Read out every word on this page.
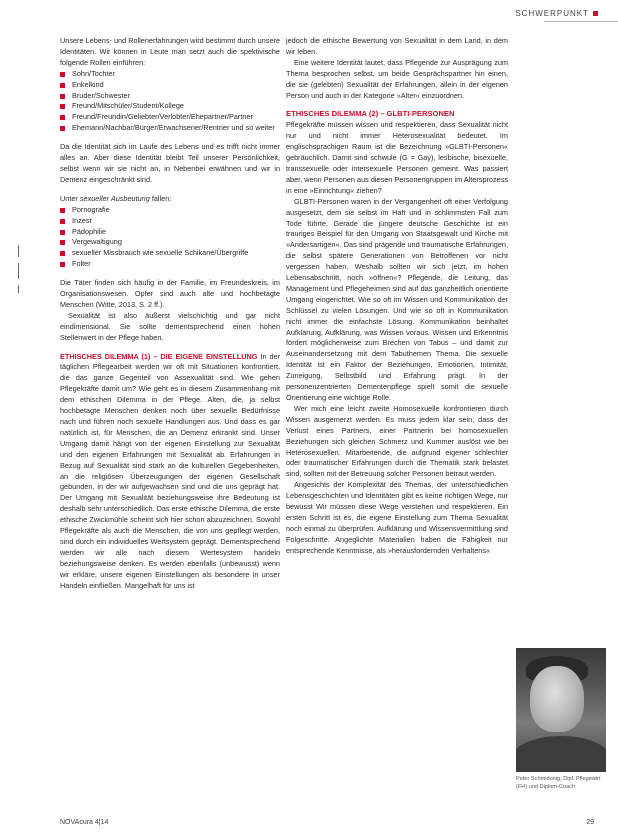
SCHWERPUNKT

Unsere Lebens- und Rollenerfahrungen wird bestimmt durch unsere Identitäten. Wir können in Leute man setzt auch die spektivische folgende Rollen einführen:

Sohn/Tochter
Enkelkind
Bruder/Schwester
Freund/Mitschüler/Student/Kollege
Freund/Freundin/Geliebter/Verlobter/Ehepartner/Partner
Ehemann/Nachbar/Bürger/Erwachsener/Rentner und so weiter

Da die Identität sich im Laufe des Lebens und es trifft nicht immer alles an. Aber diese Identität bleibt Teil unserer Persönlichkeit, selbst wenn wir sie nicht an, in Nebenbei erwähnen und wir in Demenz eingeschränkt sind.

Unter sexueller Ausbeutung fallen:

Pornografie
Inzest
Pädophilie
Vergewaltigung
sexueller Missbrauch wie sexuelle Schikane/Übergriffe
Folter

Die Täter finden sich häufig in der Familie, im Freundeskreis, im Organisationswesen. Opfer sind auch alte und hochbetagte Menschen (Witte, 2013, S. 2 ff.).

Sexualität ist also äußerst vielschichtig und gar nicht eindimensional. Sie sollte dementsprechend einen hohen Stellenwert in der Pflege haben.

ETHISCHES DILEMMA (1) – DIE EIGENE EINSTELLUNG In der täglichen Pflegearbeit werden wir oft mit Situationen konfrontiert, die das ganze Gegenteil von Assexualität sind. Wie gehen Pflegekräfte damit um? Wie geht es in diesem Zusammenhang mit dem ethischen Dilemma in der Pflege. Alten, die, ja selbst hochbetagte Menschen denken noch über sexuelle Bedürfnisse nach und führen noch sexuelle Handlungen aus. Und dass es gar natürlich ist, für Menschen, die an Demenz erkrankt sind. Unser Umgang damit hängt von der eigenen Einstellung zur Sexualität und den eigenen Erfahrungen mit Sexualität ab. Erfahrungen in Bezug auf Sexualität sind stark an die kulturellen Gegebenheiten, an die religiösen Überzeugungen der eigenen Gesellschaft gebunden, in der wir aufgewachsen sind und die uns geprägt hat. Der Umgang mit Sexualität beziehungsweise ihre Bedeutung ist deshalb sehr unterschiedlich. Das erste ethische Dilemma, die erste ethische Zwickmühle scheint sich hier schon abzuzeichnen. Sowohl Pflegekräfte als auch die Menschen, die von uns gepflegt werden, sind durch ein individuelles Wertsystem geprägt. Dementsprechend werden wir alle nach diesem Wertesystem handeln beziehungsweise denken. Es werden ebenfalls (unbewusst) wenn wir erkläre, unsere eigenen Einstellungen als besondere in unser Handeln einfließen. Mangelhaft für uns ist

jedoch die ethische Bewertung von Sexualität in dem Land, in dem wir leben.

Eine weitere Identität lautet, dass Pflegende zur Ausprägung zum Thema besprochen selbst, um beide Gesprächspartner hin einen, die sie (gelebten) Sexualität der Erfahrungen, allein in der eigenen Person und auch in der Kategorie »Alter« einzuordnen.

ETHISCHES DILEMMA (2) – GLBTI-PERSONEN

Pflegekräfte müssen wissen und respektieren, dass Sexualität nicht nur und nicht immer Heterosexualität bedeutet. Im englischsprachigen Raum ist die Bezeichnung »GLBTI-Personen« gebräuchlich. Damit sind schwule (G = Gay), lesbische, bisexuelle, transsexuelle oder intersexuelle Personen gemeint. Was passiert aber, wenn Personen aus diesen Personengruppen im Altersprozess in eine »Einrichtung« ziehen?

GLBTI-Personen waren in der Vergangenheit oft einer Verfolgung ausgesetzt, dem sie selbst im Haft und in schlimmsten Fall zum Tode führte. Gerade die jüngere deutsche Geschichte ist ein trauriges Beispiel für den Umgang von Staatsgewalt und Kirche mit »Andersartigen«. Das sind prägende und traumatische Erfahrungen, die selbst spätere Generationen von Betroffenen vor nicht vergessen haben. Weshalb sollten wir sich jetzt, im hohen Lebensabschnitt, noch »öffnen«? Pflegende, die Leitung, das Management und Pflegeheimen sind auf das ganzheitlich orientierte Umgang eingerichtet. Wie so oft im Wissen und Kommunikation der Schlüssel zu vielen Lösungen. Und wie so oft in Kommunikation nicht immer die einfachste Lösung. Kommunikation beinhaltet Aufklärung, Aufklärung, was Wissen voraus. Wissen und Erkenntnis fördert möglicherweise zum Brechen von Tabus – und damit zur Auseinandersetzung mit dem Tabuthemen Thema. Die sexuelle Identität ist ein Faktor der Beziehungen, Emotionen, Intimität, Zuneigung, Selbstbild und Erfahrung prägt. In der personenzentrierten Dementenpflege spielt somit die sexuelle Orientierung eine wichtige Rolle.

Wer mich eine leicht zweite Homosexuelle konfrontieren durch Wissen ausgemerzt werden. Es muss jedem klar sein, dass der Verlust eines Partners, einer Partnerin bei homosexuellen Beziehungen sich gleichen Schmerz und Kummer auslöst wie bei Heterosexuellen. Mitarbeitende, die aufgrund eigener schlechter oder traumatischer Erfahrungen durch die Thematik stark belastet sind, sollten mit der Betreuung solcher Personen betraut werden.

Angesichts der Komplexität des Themas, der unterschiedlichen Lebensgeschichten und Identitäten gibt es keine richtigen Wege, nur bewusst Wir müssen diese Wege verstehen und respektieren. Ein ersten Schritt ist es, die eigene Einstellung zum Thema Sexualität noch einmal zu überprüfen. Aufklärung und Wissensvermittlung sind Folgeschritte. Angeglichte Materialien haben die Fähigkeit nur entsprechende Kenntnisse, als »herausfordernden Verhaltens«

Peter Schmidonig, Dipl. Pflegewirt (FH) und Diplom-Coach
NOVAcura 4|14	29
